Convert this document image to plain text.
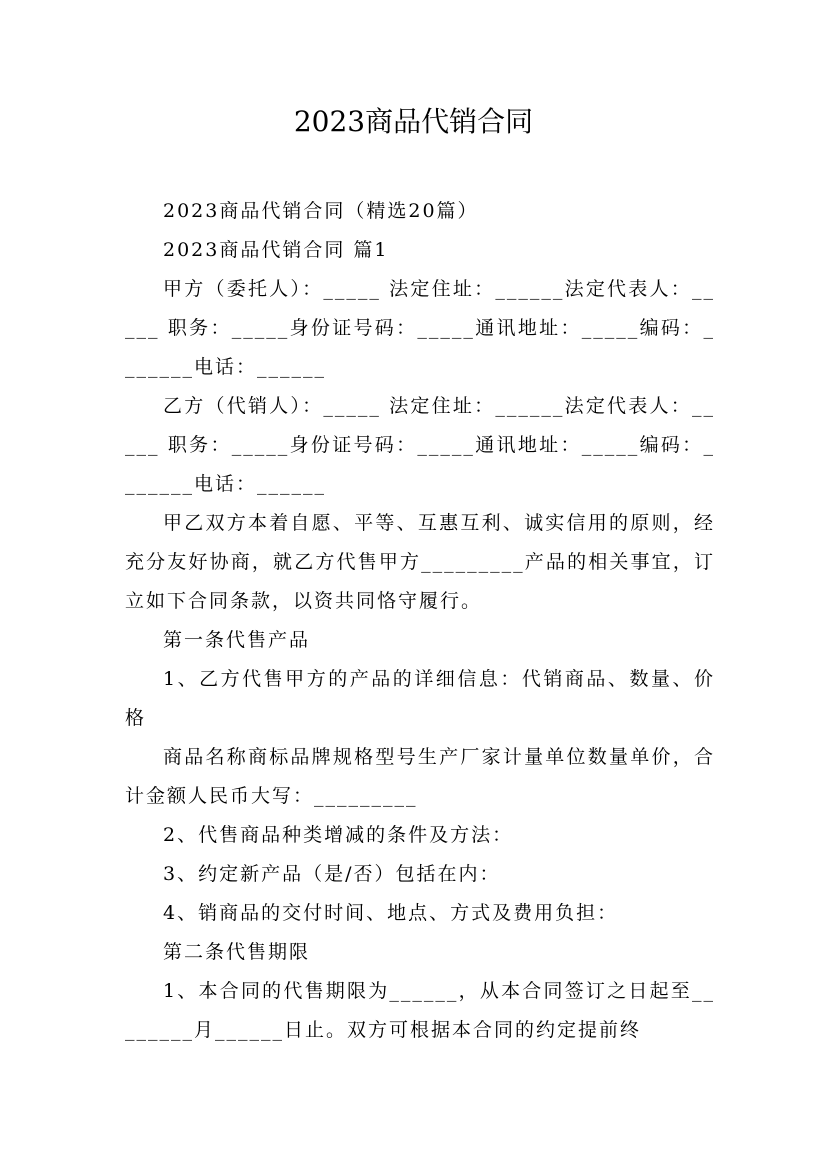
2023商品代销合同

2023商品代销合同（精选20篇）

2023商品代销合同 篇1

甲方（委托人）：_____ 法定住址：______法定代表人：_____ 职务：_____身份证号码：_____通讯地址：_____编码：_______电话：______

乙方（代销人）：_____ 法定住址：______法定代表人：_____ 职务：_____身份证号码：_____通讯地址：_____编码：_______电话：______

甲乙双方本着自愿、平等、互惠互利、诚实信用的原则，经充分友好协商，就乙方代售甲方_________产品的相关事宜，订立如下合同条款，以资共同恪守履行。

第一条代售产品

1、乙方代售甲方的产品的详细信息：代销商品、数量、价格

商品名称商标品牌规格型号生产厂家计量单位数量单价，合计金额人民币大写：_________

2、代售商品种类增减的条件及方法：

3、约定新产品（是/否）包括在内：

4、销商品的交付时间、地点、方式及费用负担：

第二条代售期限

1、本合同的代售期限为______，从本合同签订之日起至________月______日止。双方可根据本合同的约定提前终
